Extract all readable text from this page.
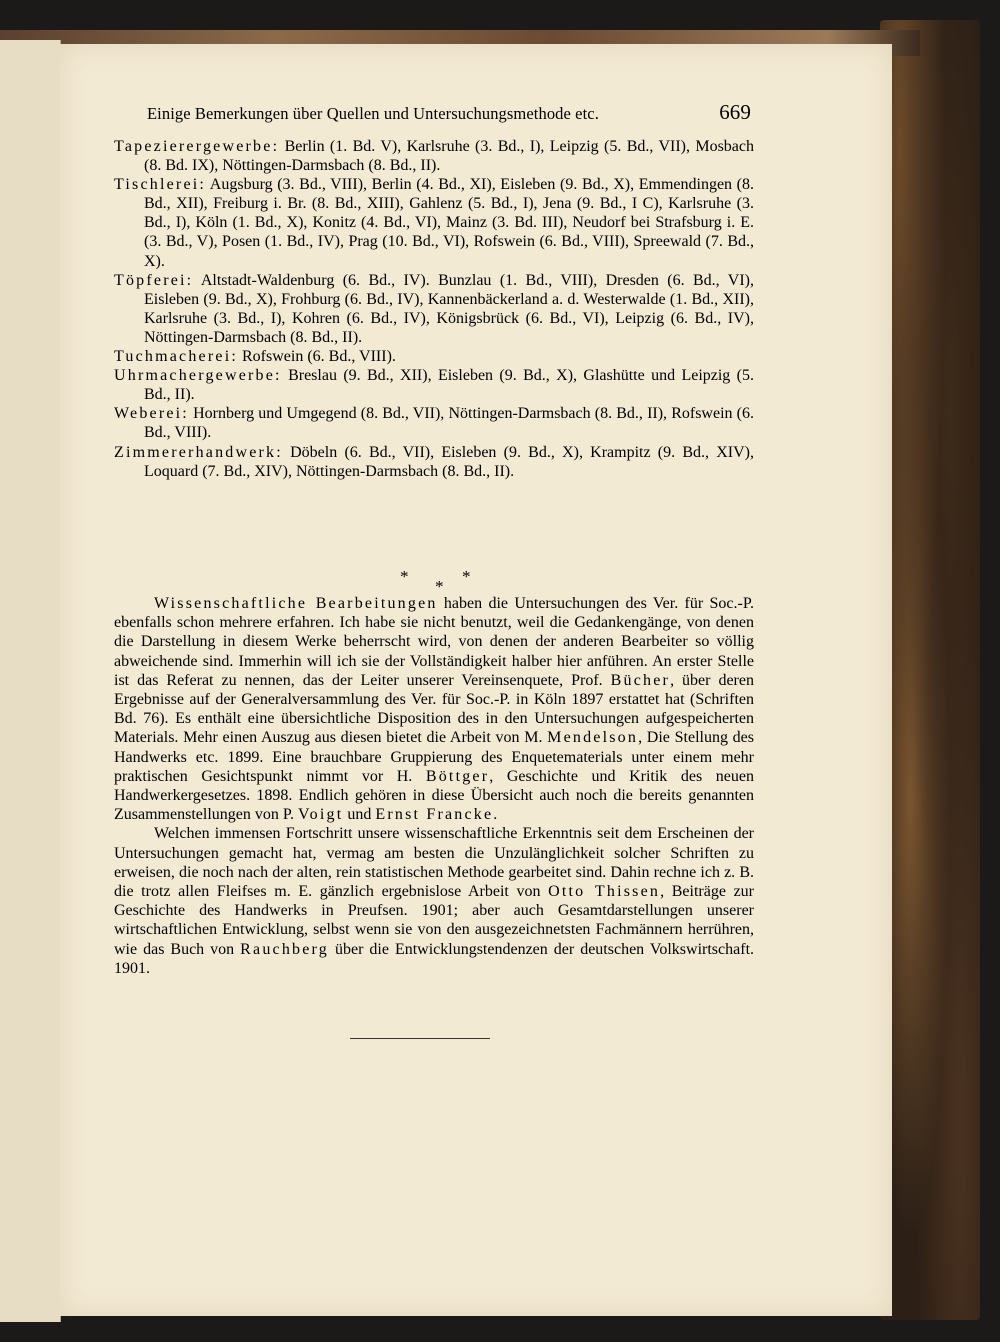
Einige Bemerkungen über Quellen und Untersuchungsmethode etc.	669
Tapezierergewerbe: Berlin (1. Bd. V), Karlsruhe (3. Bd., I), Leipzig (5. Bd., VII), Mosbach (8. Bd. IX), Nöttingen-Darmsbach (8. Bd., II).
Tischlerei: Augsburg (3. Bd., VIII), Berlin (4. Bd., XI), Eisleben (9. Bd., X), Emmendingen (8. Bd., XII), Freiburg i. Br. (8. Bd., XIII), Gahlenz (5. Bd., I), Jena (9. Bd., I C), Karlsruhe (3. Bd., I), Köln (1. Bd., X), Konitz (4. Bd., VI), Mainz (3. Bd. III), Neudorf bei Strafsburg i. E. (3. Bd., V), Posen (1. Bd., IV), Prag (10. Bd., VI), Rofswein (6. Bd., VIII), Spreewald (7. Bd., X).
Töpferei: Altstadt-Waldenburg (6. Bd., IV). Bunzlau (1. Bd., VIII), Dresden (6. Bd., VI), Eisleben (9. Bd., X), Frohburg (6. Bd., IV), Kannenbäckerland a. d. Westerwalde (1. Bd., XII), Karlsruhe (3. Bd., I), Kohren (6. Bd., IV), Königsbrück (6. Bd., VI), Leipzig (6. Bd., IV), Nöttingen-Darmsbach (8. Bd., II).
Tuchmacherei: Rofswein (6. Bd., VIII).
Uhrmachergewerbe: Breslau (9. Bd., XII), Eisleben (9. Bd., X), Glashütte und Leipzig (5. Bd., II).
Weberei: Hornberg und Umgegend (8. Bd., VII), Nöttingen-Darmsbach (8. Bd., II), Rofswein (6. Bd., VIII).
Zimmererhandwerk: Döbeln (6. Bd., VII), Eisleben (9. Bd., X), Krampitz (9. Bd., XIV), Loquard (7. Bd., XIV), Nöttingen-Darmsbach (8. Bd., II).
*
*
*

Wissenschaftliche Bearbeitungen haben die Untersuchungen des Ver. für Soc.-P. ebenfalls schon mehrere erfahren. Ich habe sie nicht benutzt, weil die Gedankengänge, von denen die Darstellung in diesem Werke beherrscht wird, von denen der anderen Bearbeiter so völlig abweichende sind. Immerhin will ich sie der Vollständigkeit halber hier anführen. An erster Stelle ist das Referat zu nennen, das der Leiter unserer Vereinsenquete, Prof. Bücher, über deren Ergebnisse auf der Generalversammlung des Ver. für Soc.-P. in Köln 1897 erstattet hat (Schriften Bd. 76). Es enthält eine übersichtliche Disposition des in den Untersuchungen aufgespeicherten Materials. Mehr einen Auszug aus diesen bietet die Arbeit von M. Mendelson, Die Stellung des Handwerks etc. 1899. Eine brauchbare Gruppierung des Enquetematerials unter einem mehr praktischen Gesichtspunkt nimmt vor H. Böttger, Geschichte und Kritik des neuen Handwerkergesetzes. 1898. Endlich gehören in diese Übersicht auch noch die bereits genannten Zusammenstellungen von P. Voigt und Ernst Francke.

Welchen immensen Fortschritt unsere wissenschaftliche Erkenntnis seit dem Erscheinen der Untersuchungen gemacht hat, vermag am besten die Unzulänglichkeit solcher Schriften zu erweisen, die noch nach der alten, rein statistischen Methode gearbeitet sind. Dahin rechne ich z. B. die trotz allen Fleifses m. E. gänzlich ergebnislose Arbeit von Otto Thissen, Beiträge zur Geschichte des Handwerks in Preufsen. 1901; aber auch Gesamtdarstellungen unserer wirtschaftlichen Entwicklung, selbst wenn sie von den ausgezeichnetsten Fachmännern herrühren, wie das Buch von Rauchberg über die Entwicklungstendenzen der deutschen Volkswirtschaft. 1901.
